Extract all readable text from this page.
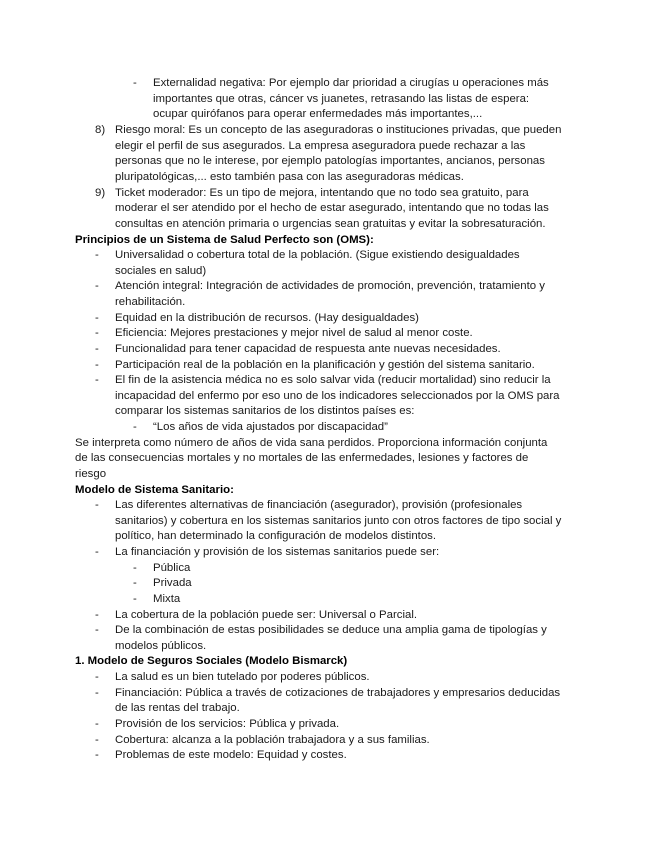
- Externalidad negativa: Por ejemplo dar prioridad a cirugías u operaciones más
importantes que otras, cáncer vs juanetes, retrasando las listas de espera:
ocupar quirófanos para operar enfermedades más importantes,...
8) Riesgo moral: Es un concepto de las aseguradoras o instituciones privadas, que pueden
elegir el perfil de sus asegurados. La empresa aseguradora puede rechazar a las
personas que no le interese, por ejemplo patologías importantes, ancianos, personas
pluripatológicas,... esto también pasa con las aseguradoras médicas.
9) Ticket moderador: Es un tipo de mejora, intentando que no todo sea gratuito, para
moderar el ser atendido por el hecho de estar asegurado, intentando que no todas las
consultas en atención primaria o urgencias sean gratuitas y evitar la sobresaturación.
Principios de un Sistema de Salud Perfecto son (OMS):
- Universalidad o cobertura total de la población. (Sigue existiendo desigualdades
sociales en salud)
- Atención integral: Integración de actividades de promoción, prevención, tratamiento y
rehabilitación.
- Equidad en la distribución de recursos. (Hay desigualdades)
- Eficiencia: Mejores prestaciones y mejor nivel de salud al menor coste.
- Funcionalidad para tener capacidad de respuesta ante nuevas necesidades.
- Participación real de la población en la planificación y gestión del sistema sanitario.
- El fin de la asistencia médica no es solo salvar vida (reducir mortalidad) sino reducir la
incapacidad del enfermo por eso uno de los indicadores seleccionados por la OMS para
comparar los sistemas sanitarios de los distintos países es:
- “Los años de vida ajustados por discapacidad”
Se interpreta como número de años de vida sana perdidos. Proporciona información conjunta
de las consecuencias mortales y no mortales de las enfermedades, lesiones y factores de
riesgo
Modelo de Sistema Sanitario:
- Las diferentes alternativas de financiación (asegurador), provisión (profesionales
sanitarios) y cobertura en los sistemas sanitarios junto con otros factores de tipo social y
político, han determinado la configuración de modelos distintos.
- La financiación y provisión de los sistemas sanitarios puede ser:
- Pública
- Privada
- Mixta
- La cobertura de la población puede ser: Universal o Parcial.
- De la combinación de estas posibilidades se deduce una amplia gama de tipologías y
modelos públicos.
1. Modelo de Seguros Sociales (Modelo Bismarck)
- La salud es un bien tutelado por poderes públicos.
- Financiación: Pública a través de cotizaciones de trabajadores y empresarios deducidas
de las rentas del trabajo.
- Provisión de los servicios: Pública y privada.
- Cobertura: alcanza a la población trabajadora y a sus familias.
- Problemas de este modelo: Equidad y costes.
